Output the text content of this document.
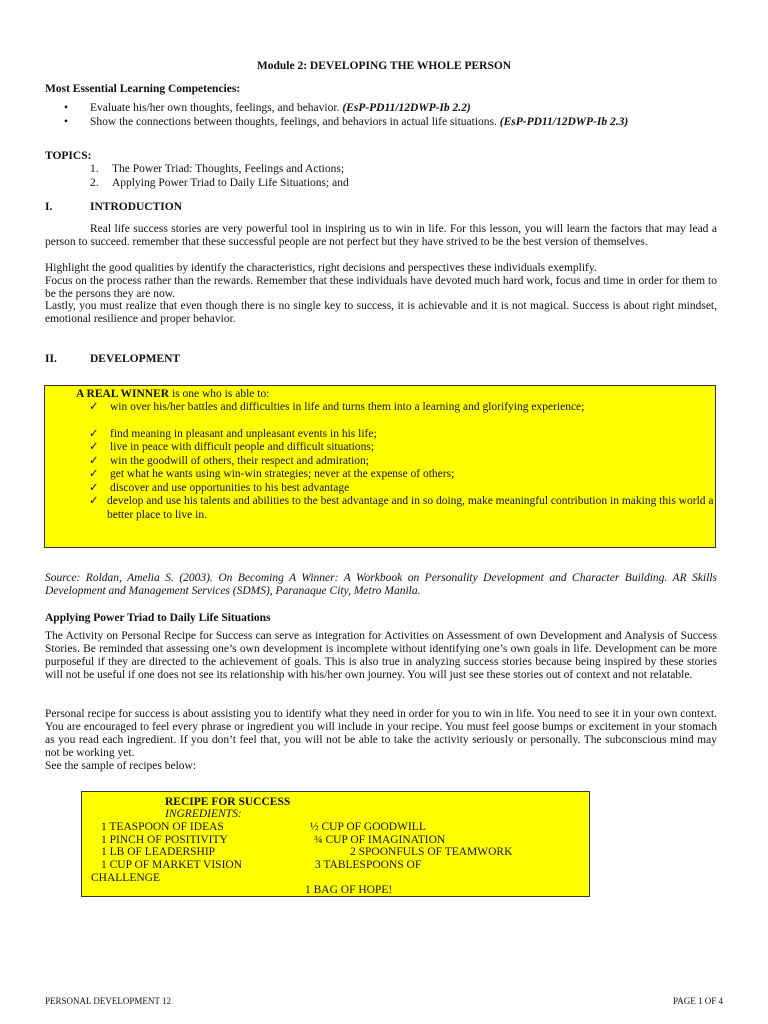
Module 2: DEVELOPING THE WHOLE PERSON
Most Essential Learning Competencies:
•	Evaluate his/her own thoughts, feelings, and behavior. (EsP-PD11/12DWP-Ib 2.2)
•	Show the connections between thoughts, feelings, and behaviors in actual life situations. (EsP-PD11/12DWP-Ib 2.3)
TOPICS:
1.	The Power Triad: Thoughts, Feelings and Actions;
2.	Applying Power Triad to Daily Life Situations; and
I.	INTRODUCTION
Real life success stories are very powerful tool in inspiring us to win in life. For this lesson, you will learn the factors that may lead a person to succeed. remember that these successful people are not perfect but they have strived to be the best version of themselves.
Highlight the good qualities by identify the characteristics, right decisions and perspectives these individuals exemplify.
Focus on the process rather than the rewards. Remember that these individuals have devoted much hard work, focus and time in order for them to be the persons they are now.
Lastly, you must realize that even though there is no single key to success, it is achievable and it is not magical. Success is about right mindset, emotional resilience and proper behavior.
II.	DEVELOPMENT
A REAL WINNER is one who is able to:
✓ win over his/her battles and difficulties in life and turns them into a learning and glorifying experience;
✓ find meaning in pleasant and unpleasant events in his life;
✓ live in peace with difficult people and difficult situations;
✓ win the goodwill of others, their respect and admiration;
✓ get what he wants using win-win strategies; never at the expense of others;
✓ discover and use opportunities to his best advantage
✓ develop and use his talents and abilities to the best advantage and in so doing, make meaningful contribution in making this world a better place to live in.
Source: Roldan, Amelia S. (2003). On Becoming A Winner: A Workbook on Personality Development and Character Building. AR Skills Development and Management Services (SDMS), Paranaque City, Metro Manila.
Applying Power Triad to Daily Life Situations
The Activity on Personal Recipe for Success can serve as integration for Activities on Assessment of own Development and Analysis of Success Stories. Be reminded that assessing one’s own development is incomplete without identifying one’s own goals in life. Development can be more purposeful if they are directed to the achievement of goals. This is also true in analyzing success stories because being inspired by these stories will not be useful if one does not see its relationship with his/her own journey. You will just see these stories out of context and not relatable.
Personal recipe for success is about assisting you to identify what they need in order for you to win in life. You need to see it in your own context. You are encouraged to feel every phrase or ingredient you will include in your recipe. You must feel goose bumps or excitement in your stomach as you read each ingredient. If you don’t feel that, you will not be able to take the activity seriously or personally. The subconscious mind may not be working yet.
See the sample of recipes below:
RECIPE FOR SUCCESS
INGREDIENTS:
1 TEASPOON OF IDEAS	½ CUP OF GOODWILL
1 PINCH OF POSITIVITY	¾ CUP OF IMAGINATION
1 LB OF LEADERSHIP	2 SPOONFULS OF TEAMWORK
1 CUP OF MARKET VISION	3 TABLESPOONS OF
CHALLENGE
1 BAG OF HOPE!
PERSONAL DEVELOPMENT 12	PAGE 1 OF 4
